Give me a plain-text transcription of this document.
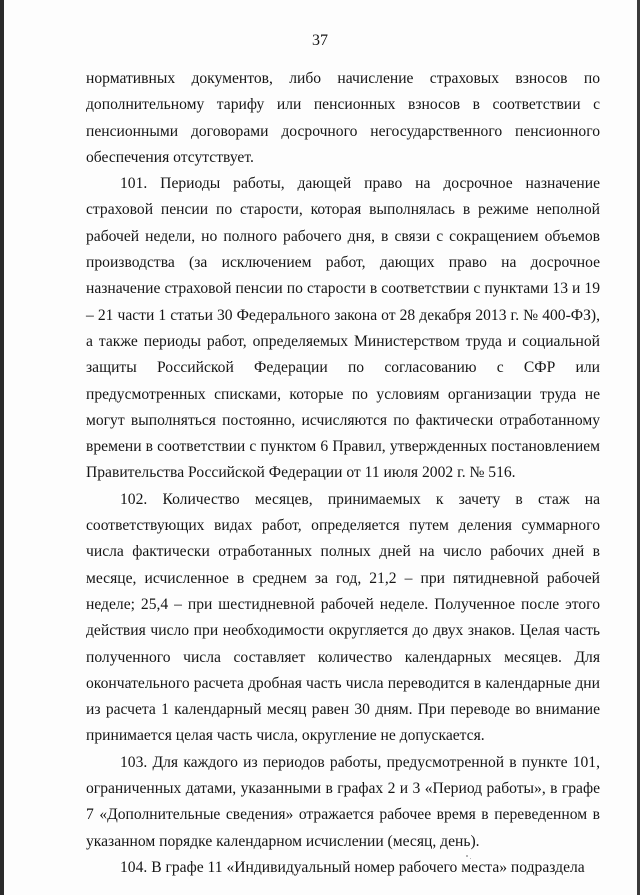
37

нормативных документов, либо начисление страховых взносов по дополнительному тарифу или пенсионных взносов в соответствии с пенсионными договорами досрочного негосударственного пенсионного обеспечения отсутствует.

101. Периоды работы, дающей право на досрочное назначение страховой пенсии по старости, которая выполнялась в режиме неполной рабочей недели, но полного рабочего дня, в связи с сокращением объемов производства (за исключением работ, дающих право на досрочное назначение страховой пенсии по старости в соответствии с пунктами 13 и 19 – 21 части 1 статьи 30 Федерального закона от 28 декабря 2013 г. № 400-ФЗ), а также периоды работ, определяемых Министерством труда и социальной защиты Российской Федерации по согласованию с СФР или предусмотренных списками, которые по условиям организации труда не могут выполняться постоянно, исчисляются по фактически отработанному времени в соответствии с пунктом 6 Правил, утвержденных постановлением Правительства Российской Федерации от 11 июля 2002 г. № 516.

102. Количество месяцев, принимаемых к зачету в стаж на соответствующих видах работ, определяется путем деления суммарного числа фактически отработанных полных дней на число рабочих дней в месяце, исчисленное в среднем за год, 21,2 – при пятидневной рабочей неделе; 25,4 – при шестидневной рабочей неделе. Полученное после этого действия число при необходимости округляется до двух знаков. Целая часть полученного числа составляет количество календарных месяцев. Для окончательного расчета дробная часть числа переводится в календарные дни из расчета 1 календарный месяц равен 30 дням. При переводе во внимание принимается целая часть числа, округление не допускается.

103. Для каждого из периодов работы, предусмотренной в пункте 101, ограниченных датами, указанными в графах 2 и 3 «Период работы», в графе 7 «Дополнительные сведения» отражается рабочее время в переведенном в указанном порядке календарном исчислении (месяц, день).

104. В графе 11 «Индивидуальный номер рабочего места» подраздела
